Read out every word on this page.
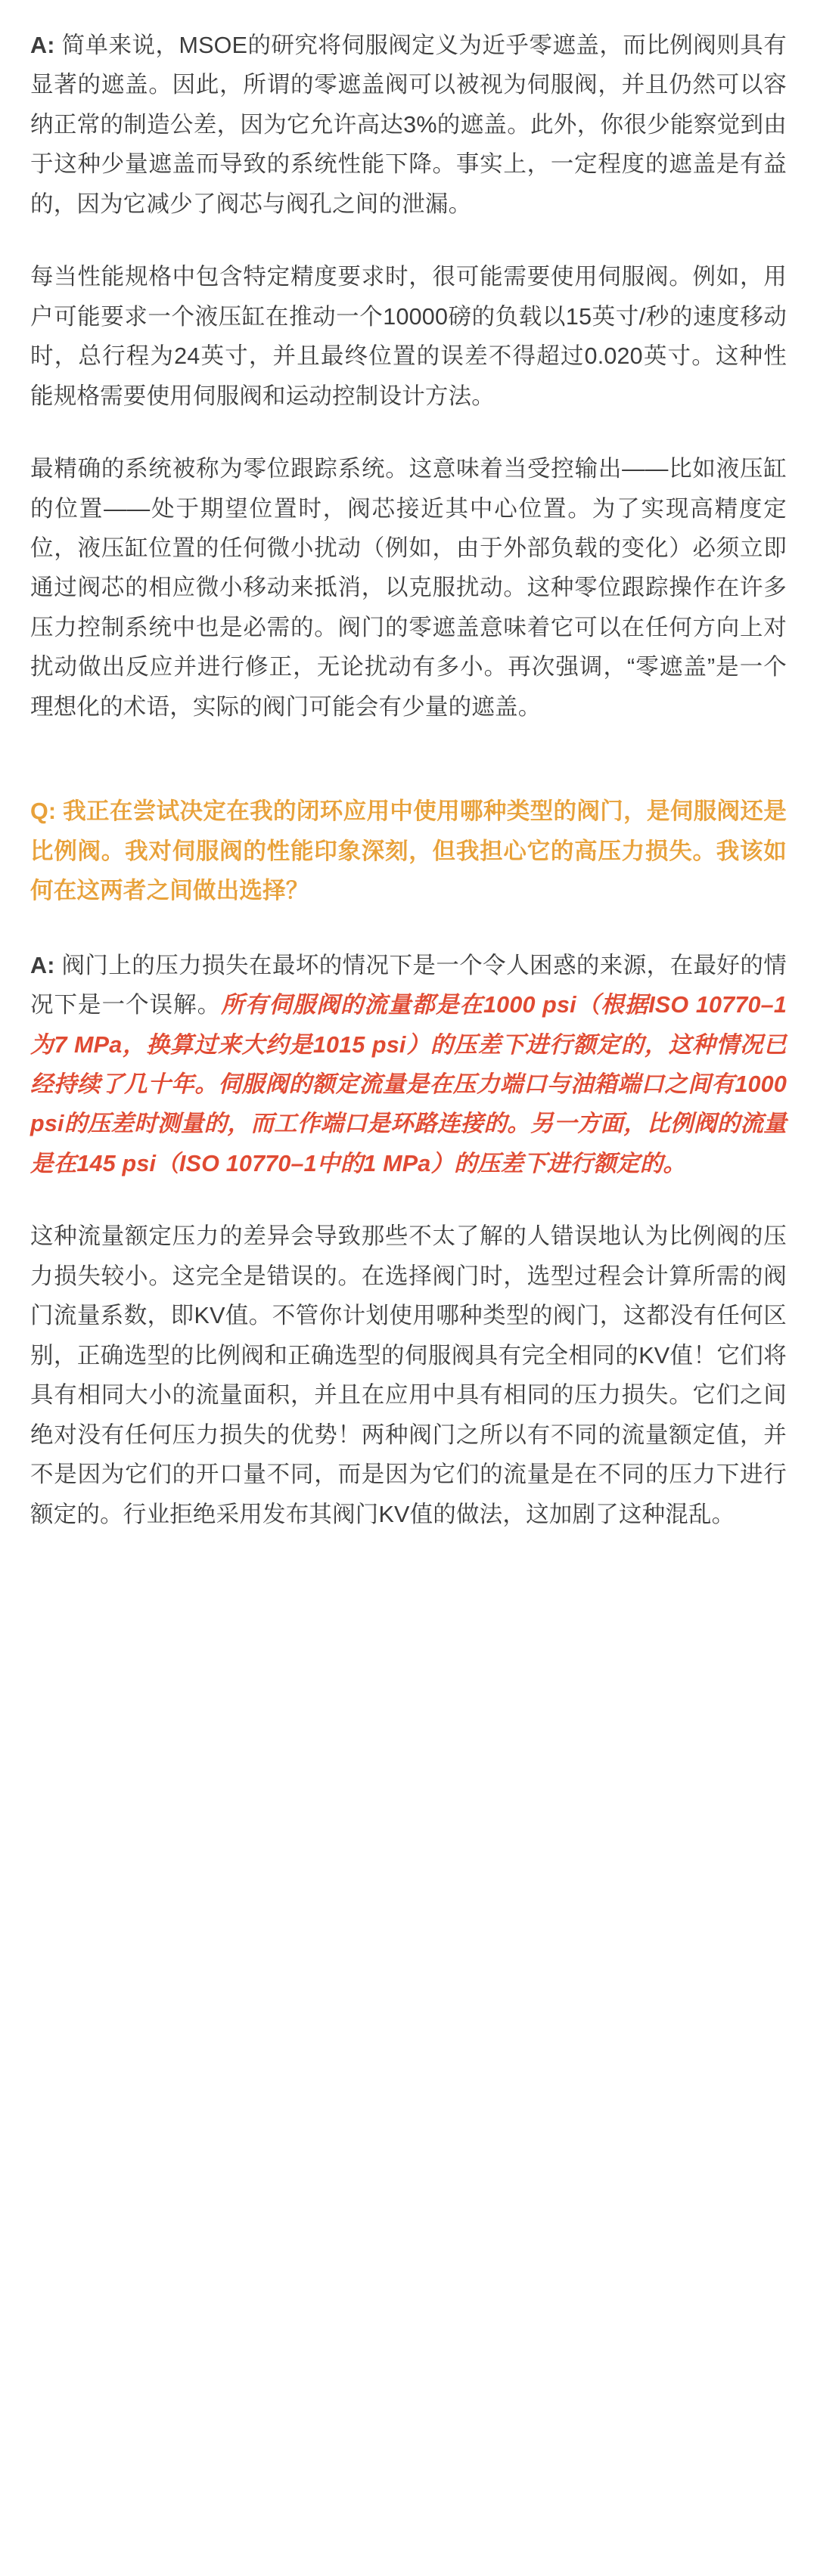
A: 简单来说，MSOE的研究将伺服阀定义为近乎零遮盖，而比例阀则具有显著的遮盖。因此，所谓的零遮盖阀可以被视为伺服阀，并且仍然可以容纳正常的制造公差，因为它允许高达3%的遮盖。此外，你很少能察觉到由于这种少量遮盖而导致的系统性能下降。事实上，一定程度的遮盖是有益的，因为它减少了阀芯与阀孔之间的泄漏。

每当性能规格中包含特定精度要求时，很可能需要使用伺服阀。例如，用户可能要求一个液压缸在推动一个10000磅的负载以15英寸/秒的速度移动时，总行程为24英寸，并且最终位置的误差不得超过0.020英寸。这种性能规格需要使用伺服阀和运动控制设计方法。

最精确的系统被称为零位跟踪系统。这意味着当受控输出——比如液压缸的位置——处于期望位置时，阀芯接近其中心位置。为了实现高精度定位，液压缸位置的任何微小扰动（例如，由于外部负载的变化）必须立即通过阀芯的相应微小移动来抵消，以克服扰动。这种零位跟踪操作在许多压力控制系统中也是必需的。阀门的零遮盖意味着它可以在任何方向上对扰动做出反应并进行修正，无论扰动有多小。再次强调，“零遮盖”是一个理想化的术语，实际的阀门可能会有少量的遮盖。

Q: 我正在尝试决定在我的闭环应用中使用哪种类型的阀门，是伺服阀还是比例阀。我对伺服阀的性能印象深刻，但我担心它的高压力损失。我该如何在这两者之间做出选择？

A: 阀门上的压力损失在最坏的情况下是一个令人困惑的来源，在最好的情况下是一个误解。所有伺服阀的流量都是在1000 psi（根据ISO 10770–1为7 MPa，换算过来大约是1015 psi）的压差下进行额定的，这种情况已经持续了几十年。伺服阀的额定流量是在压力端口与油箱端口之间有1000 psi的压差时测量的，而工作端口是环路连接的。另一方面，比例阀的流量是在145 psi（ISO 10770–1中的1 MPa）的压差下进行额定的。

这种流量额定压力的差异会导致那些不太了解的人错误地认为比例阀的压力损失较小。这完全是错误的。在选择阀门时，选型过程会计算所需的阀门流量系数，即KV值。不管你计划使用哪种类型的阀门，这都没有任何区别，正确选型的比例阀和正确选型的伺服阀具有完全相同的KV值！它们将具有相同大小的流量面积，并且在应用中具有相同的压力损失。它们之间绝对没有任何压力损失的优势！两种阀门之所以有不同的流量额定值，并不是因为它们的开口量不同，而是因为它们的流量是在不同的压力下进行额定的。行业拒绝采用发布其阀门KV值的做法，这加剧了这种混乱。
